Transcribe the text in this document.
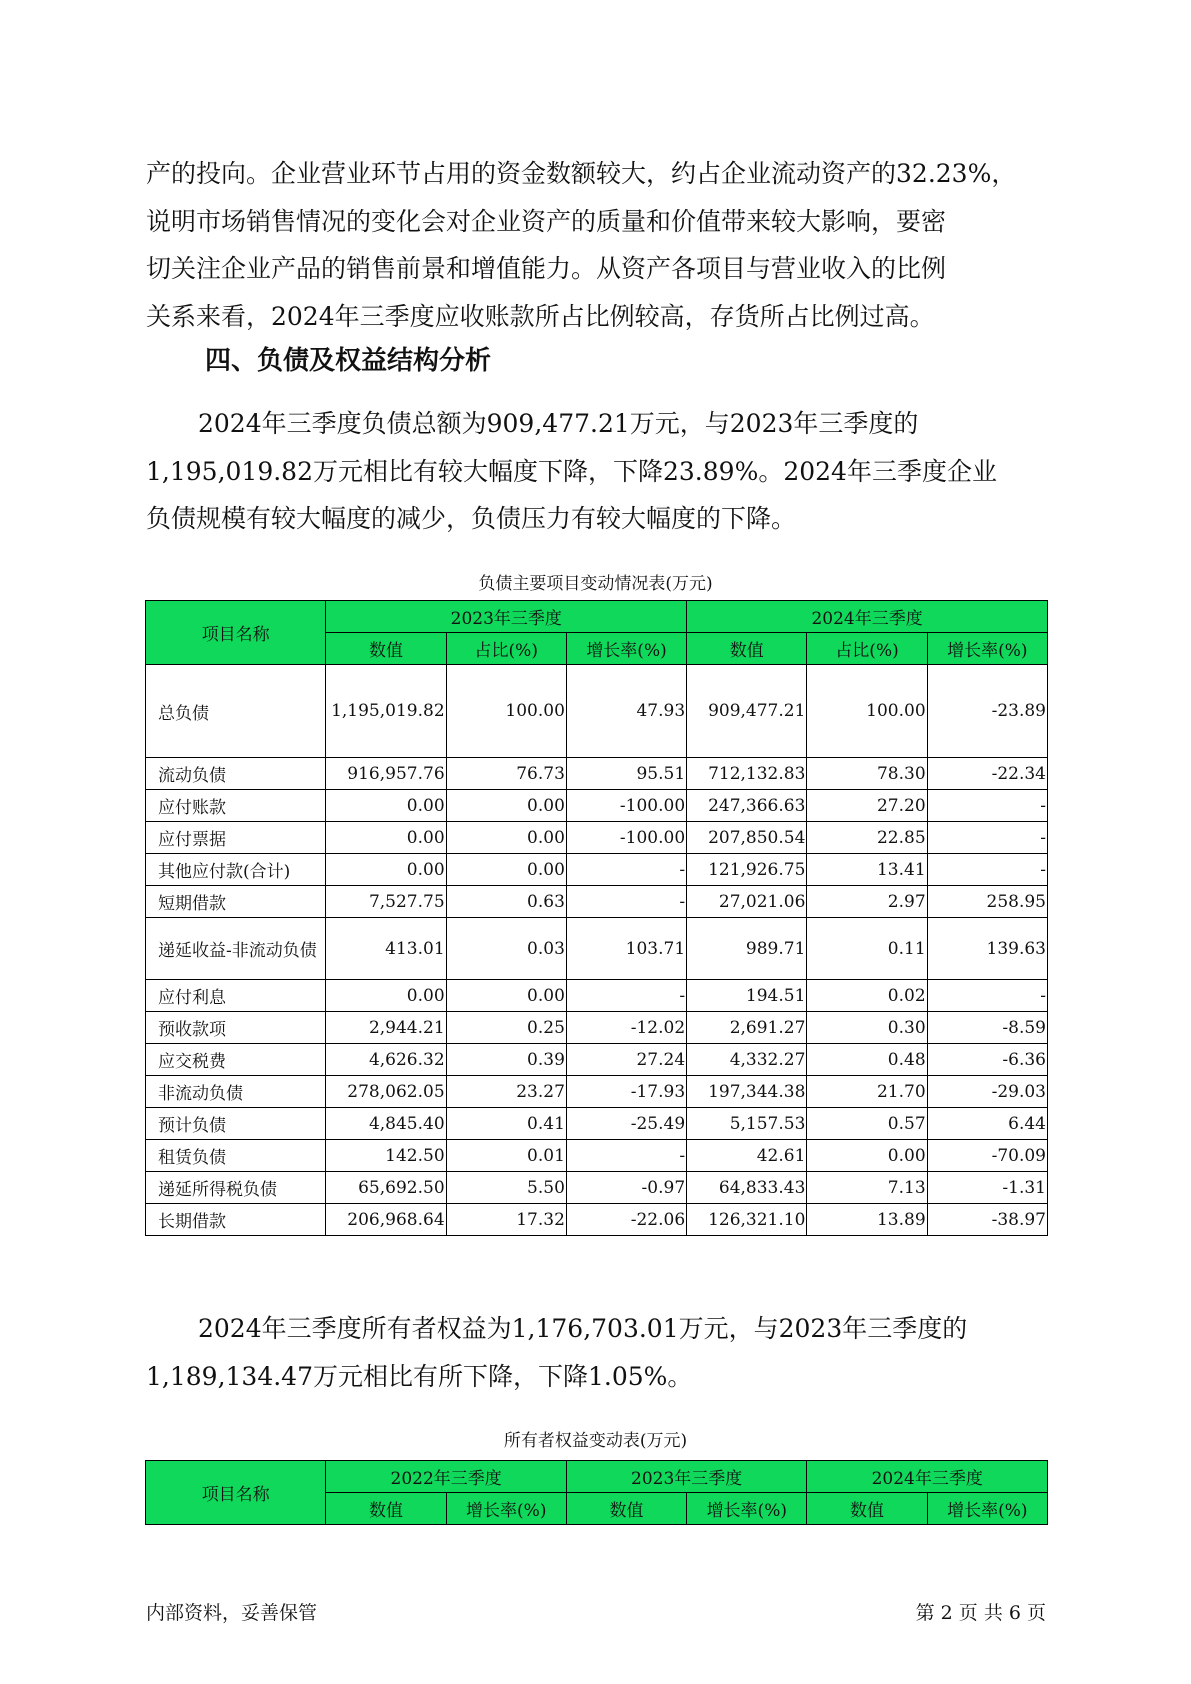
产的投向。企业营业环节占用的资金数额较大，约占企业流动资产的32.23%，

说明市场销售情况的变化会对企业资产的质量和价值带来较大影响，要密

切关注企业产品的销售前景和增值能力。从资产各项目与营业收入的比例

关系来看，2024年三季度应收账款所占比例较高，存货所占比例过高。

四、负债及权益结构分析

2024年三季度负债总额为909,477.21万元，与2023年三季度的

1,195,019.82万元相比有较大幅度下降，下降23.89%。2024年三季度企业

负债规模有较大幅度的减少，负债压力有较大幅度的下降。

负债主要项目变动情况表(万元)
项目名称	2023年三季度			2024年三季度		
	数值	占比(%)	增长率(%)	数值	占比(%)	增长率(%)
总负债	1,195,019.82	100.00	47.93	909,477.21	100.00	-23.89
流动负债	916,957.76	76.73	95.51	712,132.83	78.30	-22.34
应付账款	0.00	0.00	-100.00	247,366.63	27.20	-
应付票据	0.00	0.00	-100.00	207,850.54	22.85	-
其他应付款(合计)	0.00	0.00	-	121,926.75	13.41	-
短期借款	7,527.75	0.63	-	27,021.06	2.97	258.95
递延收益-非流动负债	413.01	0.03	103.71	989.71	0.11	139.63
应付利息	0.00	0.00	-	194.51	0.02	-
预收款项	2,944.21	0.25	-12.02	2,691.27	0.30	-8.59
应交税费	4,626.32	0.39	27.24	4,332.27	0.48	-6.36
非流动负债	278,062.05	23.27	-17.93	197,344.38	21.70	-29.03
预计负债	4,845.40	0.41	-25.49	5,157.53	0.57	6.44
租赁负债	142.50	0.01	-	42.61	0.00	-70.09
递延所得税负债	65,692.50	5.50	-0.97	64,833.43	7.13	-1.31
长期借款	206,968.64	17.32	-22.06	126,321.10	13.89	-38.97

2024年三季度所有者权益为1,176,703.01万元，与2023年三季度的

1,189,134.47万元相比有所下降，下降1.05%。

所有者权益变动表(万元)
项目名称	2022年三季度		2023年三季度		2024年三季度	
	数值	增长率(%)	数值	增长率(%)	数值	增长率(%)
内部资料，妥善保管	第 2 页 共 6 页
